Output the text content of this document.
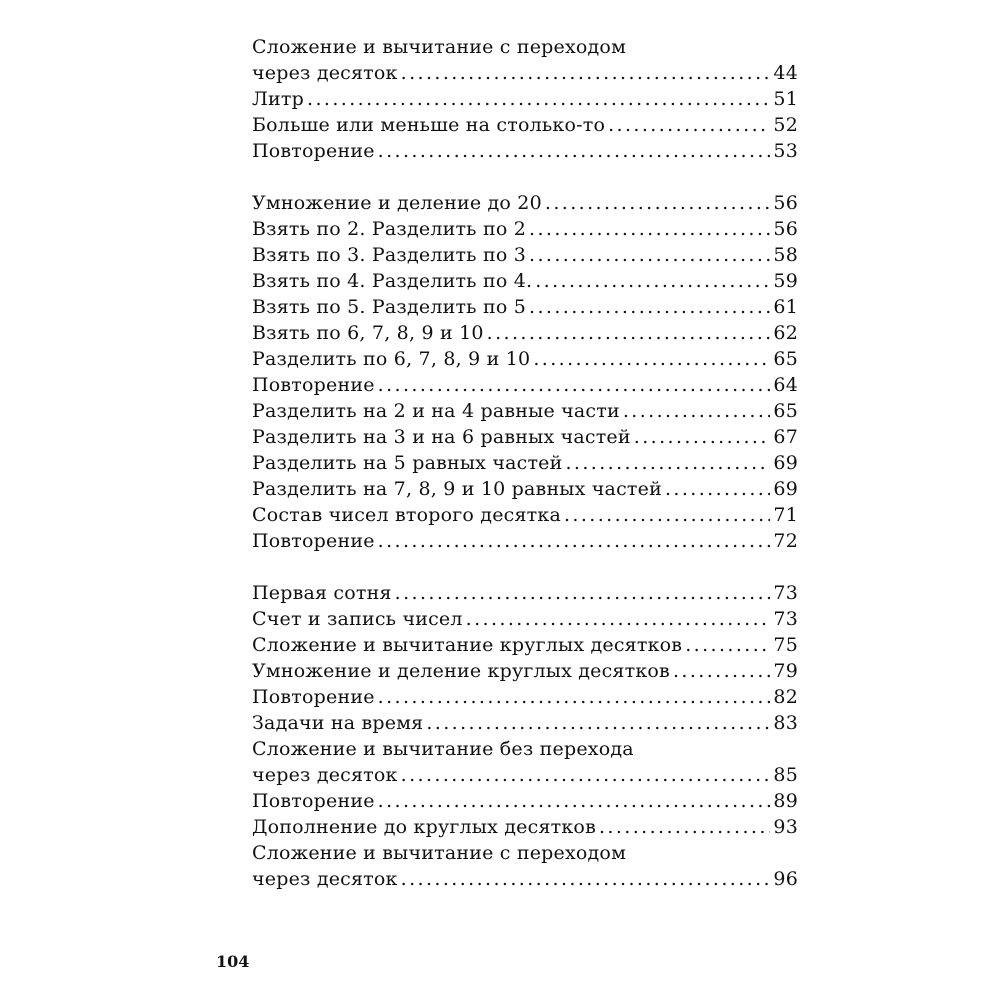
Сложение и вычитание с переходом
через десяток .....	44
Литр .....	51
Больше или меньше на столько-то .....	52
Повторение .....	53
Умножение и деление до 20 .....	56
Взять по 2. Разделить по 2 .....	56
Взять по 3. Разделить по 3 .....	58
Взять по 4. Разделить по 4. .....	59
Взять по 5. Разделить по 5 .....	61
Взять по 6, 7, 8, 9 и 10 .....	62
Разделить по 6, 7, 8, 9 и 10 .....	65
Повторение .....	64
Разделить на 2 и на 4 равные части .....	65
Разделить на 3 и на 6 равных частей .....	67
Разделить на 5 равных частей .....	69
Разделить на 7, 8, 9 и 10 равных частей .....	69
Состав чисел второго десятка .....	71
Повторение .....	72
Первая сотня .....	73
Счет и запись чисел .....	73
Сложение и вычитание круглых десятков .....	75
Умножение и деление круглых десятков .....	79
Повторение .....	82
Задачи на время .....	83
Сложение и вычитание без перехода
через десяток .....	85
Повторение .....	89
Дополнение до круглых десятков .....	93
Сложение и вычитание с переходом
через десяток .....	96
104
